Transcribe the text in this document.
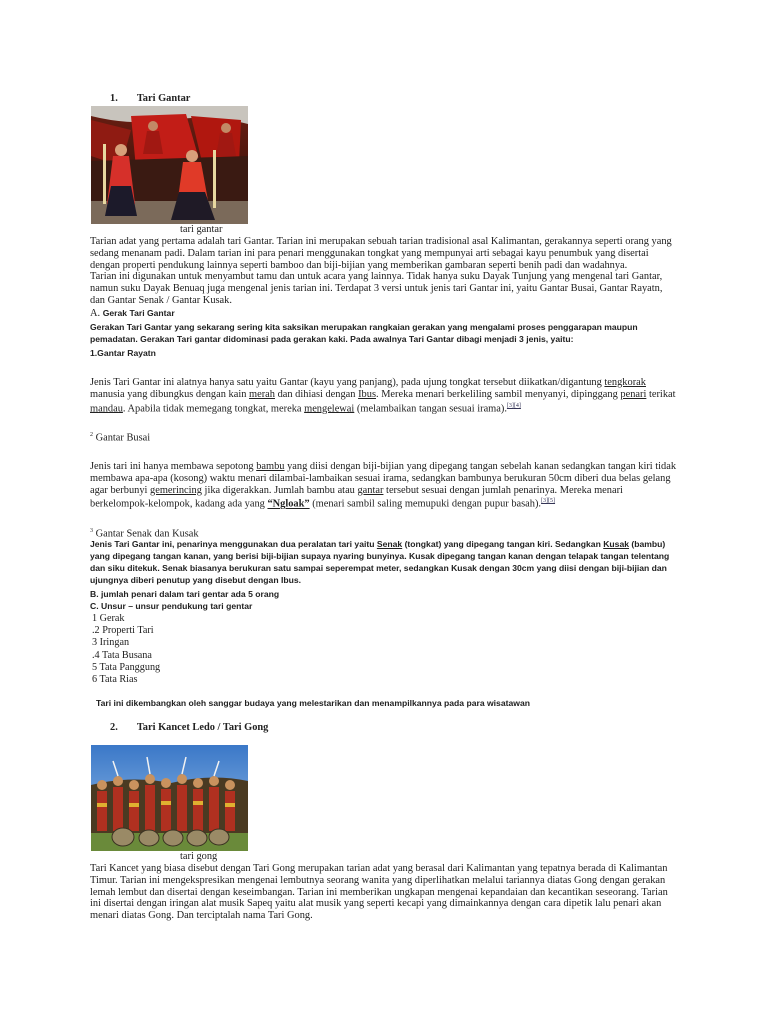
1. Tari Gantar
tari gantar
Tarian adat yang pertama adalah tari Gantar. Tarian ini merupakan sebuah tarian tradisional asal Kalimantan, gerakannya seperti orang yang sedang menanam padi. Dalam tarian ini para penari menggunakan tongkat yang mempunyai arti sebagai kayu penumbuk yang disertai dengan properti pendukung lainnya seperti bamboo dan biji-bijian yang memberikan gambaran seperti benih padi dan wadahnya.
Tarian ini digunakan untuk menyambut tamu dan untuk acara yang lainnya. Tidak hanya suku Dayak Tunjung yang mengenal tari Gantar, namun suku Dayak Benuaq juga mengenal jenis tarian ini. Terdapat 3 versi untuk jenis tari Gantar ini, yaitu Gantar Busai, Gantar Rayatn, dan Gantar Senak / Gantar Kusak.
A. Gerak Tari Gantar
Gerakan Tari Gantar yang sekarang sering kita saksikan merupakan rangkaian gerakan yang mengalami proses penggarapan maupun pemadatan. Gerakan Tari gantar didominasi pada gerakan kaki. Pada awalnya Tari Gantar dibagi menjadi 3 jenis, yaitu:
1.Gantar Rayatn
Jenis Tari Gantar ini alatnya hanya satu yaitu Gantar (kayu yang panjang), pada ujung tongkat tersebut diikatkan/digantung tengkorak manusia yang dibungkus dengan kain merah dan dihiasi dengan Ibus. Mereka menari berkeliling sambil menyanyi, dipinggang penari terikat mandau. Apabila tidak memegang tongkat, mereka mengelewai (melambaikan tangan sesuai irama).[3][4]
$^2$ Gantar Busai
Jenis tari ini hanya membawa sepotong bambu yang diisi dengan biji-bijian yang dipegang tangan sebelah kanan sedangkan tangan kiri tidak membawa apa-apa (kosong) waktu menari dilambai-lambaikan sesuai irama, sedangkan bambunya berukuran 50cm diberi dua belas gelang agar berbunyi gemerincing jika digerakkan. Jumlah bambu atau gantar tersebut sesuai dengan jumlah penarinya. Mereka menari berkelompok-kelompok, kadang ada yang “Ngloak” (menari sambil saling memupuki dengan pupur basah).[3][5]
$^3$ Gantar Senak dan Kusak
Jenis Tari Gantar ini, penarinya menggunakan dua peralatan tari yaitu Senak (tongkat) yang dipegang tangan kiri. Sedangkan Kusak (bambu) yang dipegang tangan kanan, yang berisi biji-bijian supaya nyaring bunyinya. Kusak dipegang tangan kanan dengan telapak tangan telentang dan siku ditekuk. Senak biasanya berukuran satu sampai seperempat meter, sedangkan Kusak dengan 30cm yang diisi dengan biji-bijian dan ujungnya diberi penutup yang disebut dengan Ibus.
B. jumlah penari dalam tari gentar ada 5 orang
C. Unsur – unsur pendukung tari gentar
1 Gerak
.2 Properti Tari
3 Iringan
.4 Tata Busana
5 Tata Panggung
6 Tata Rias
Tari ini dikembangkan oleh sanggar budaya yang melestarikan dan menampilkannya pada para wisatawan
2. Tari Kancet Ledo / Tari Gong
tari gong
Tari Kancet yang biasa disebut dengan Tari Gong merupakan tarian adat yang berasal dari Kalimantan yang tepatnya berada di Kalimantan Timur. Tarian ini mengekspresikan mengenai lembutnya seorang wanita yang diperlihatkan melalui tariannya diatas Gong dengan gerakan lemah lembut dan disertai dengan keseimbangan. Tarian ini memberikan ungkapan mengenai kepandaian dan kecantikan seseorang. Tarian ini disertai dengan iringan alat musik Sapeq yaitu alat musik yang seperti kecapi yang dimainkannya dengan cara dipetik lalu penari akan menari diatas Gong. Dan terciptalah nama Tari Gong.
